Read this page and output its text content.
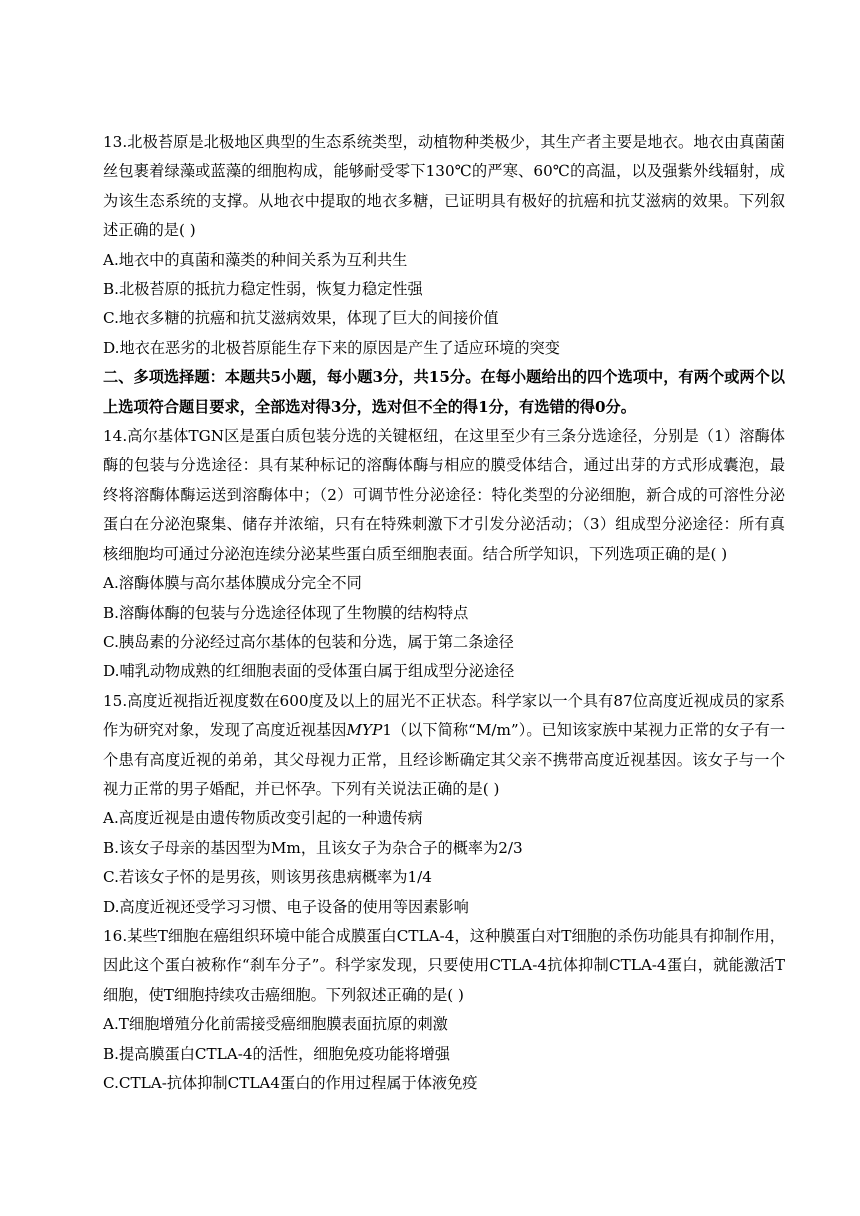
13.北极苔原是北极地区典型的生态系统类型，动植物种类极少，其生产者主要是地衣。地衣由真菌菌丝包裹着绿藻或蓝藻的细胞构成，能够耐受零下130℃的严寒、60℃的高温，以及强紫外线辐射，成为该生态系统的支撑。从地衣中提取的地衣多糖，已证明具有极好的抗癌和抗艾滋病的效果。下列叙述正确的是( )

A.地衣中的真菌和藻类的种间关系为互利共生

B.北极苔原的抵抗力稳定性弱，恢复力稳定性强

C.地衣多糖的抗癌和抗艾滋病效果，体现了巨大的间接价值

D.地衣在恶劣的北极苔原能生存下来的原因是产生了适应环境的突变

二、多项选择题：本题共5小题，每小题3分，共15分。在每小题给出的四个选项中，有两个或两个以上选项符合题目要求，全部选对得3分，选对但不全的得1分，有选错的得0分。

14.高尔基体TGN区是蛋白质包装分选的关键枢纽，在这里至少有三条分选途径，分别是（1）溶酶体酶的包装与分选途径：具有某种标记的溶酶体酶与相应的膜受体结合，通过出芽的方式形成囊泡，最终将溶酶体酶运送到溶酶体中；（2）可调节性分泌途径：特化类型的分泌细胞，新合成的可溶性分泌蛋白在分泌泡聚集、储存并浓缩，只有在特殊刺激下才引发分泌活动；（3）组成型分泌途径：所有真核细胞均可通过分泌泡连续分泌某些蛋白质至细胞表面。结合所学知识，下列选项正确的是( )

A.溶酶体膜与高尔基体膜成分完全不同

B.溶酶体酶的包装与分选途径体现了生物膜的结构特点

C.胰岛素的分泌经过高尔基体的包装和分选，属于第二条途径

D.哺乳动物成熟的红细胞表面的受体蛋白属于组成型分泌途径

15.高度近视指近视度数在600度及以上的屈光不正状态。科学家以一个具有87位高度近视成员的家系作为研究对象，发现了高度近视基因MYP1（以下简称“M/m”）。已知该家族中某视力正常的女子有一个患有高度近视的弟弟，其父母视力正常，且经诊断确定其父亲不携带高度近视基因。该女子与一个视力正常的男子婚配，并已怀孕。下列有关说法正确的是( )

A.高度近视是由遗传物质改变引起的一种遗传病

B.该女子母亲的基因型为Mm，且该女子为杂合子的概率为2/3

C.若该女子怀的是男孩，则该男孩患病概率为1/4

D.高度近视还受学习习惯、电子设备的使用等因素影响

16.某些T细胞在癌组织环境中能合成膜蛋白CTLA-4，这种膜蛋白对T细胞的杀伤功能具有抑制作用，因此这个蛋白被称作“刹车分子”。科学家发现，只要使用CTLA-4抗体抑制CTLA-4蛋白，就能激活T细胞，使T细胞持续攻击癌细胞。下列叙述正确的是( )

A.T细胞增殖分化前需接受癌细胞膜表面抗原的刺激

B.提高膜蛋白CTLA-4的活性，细胞免疫功能将增强

C.CTLA-抗体抑制CTLA4蛋白的作用过程属于体液免疫
